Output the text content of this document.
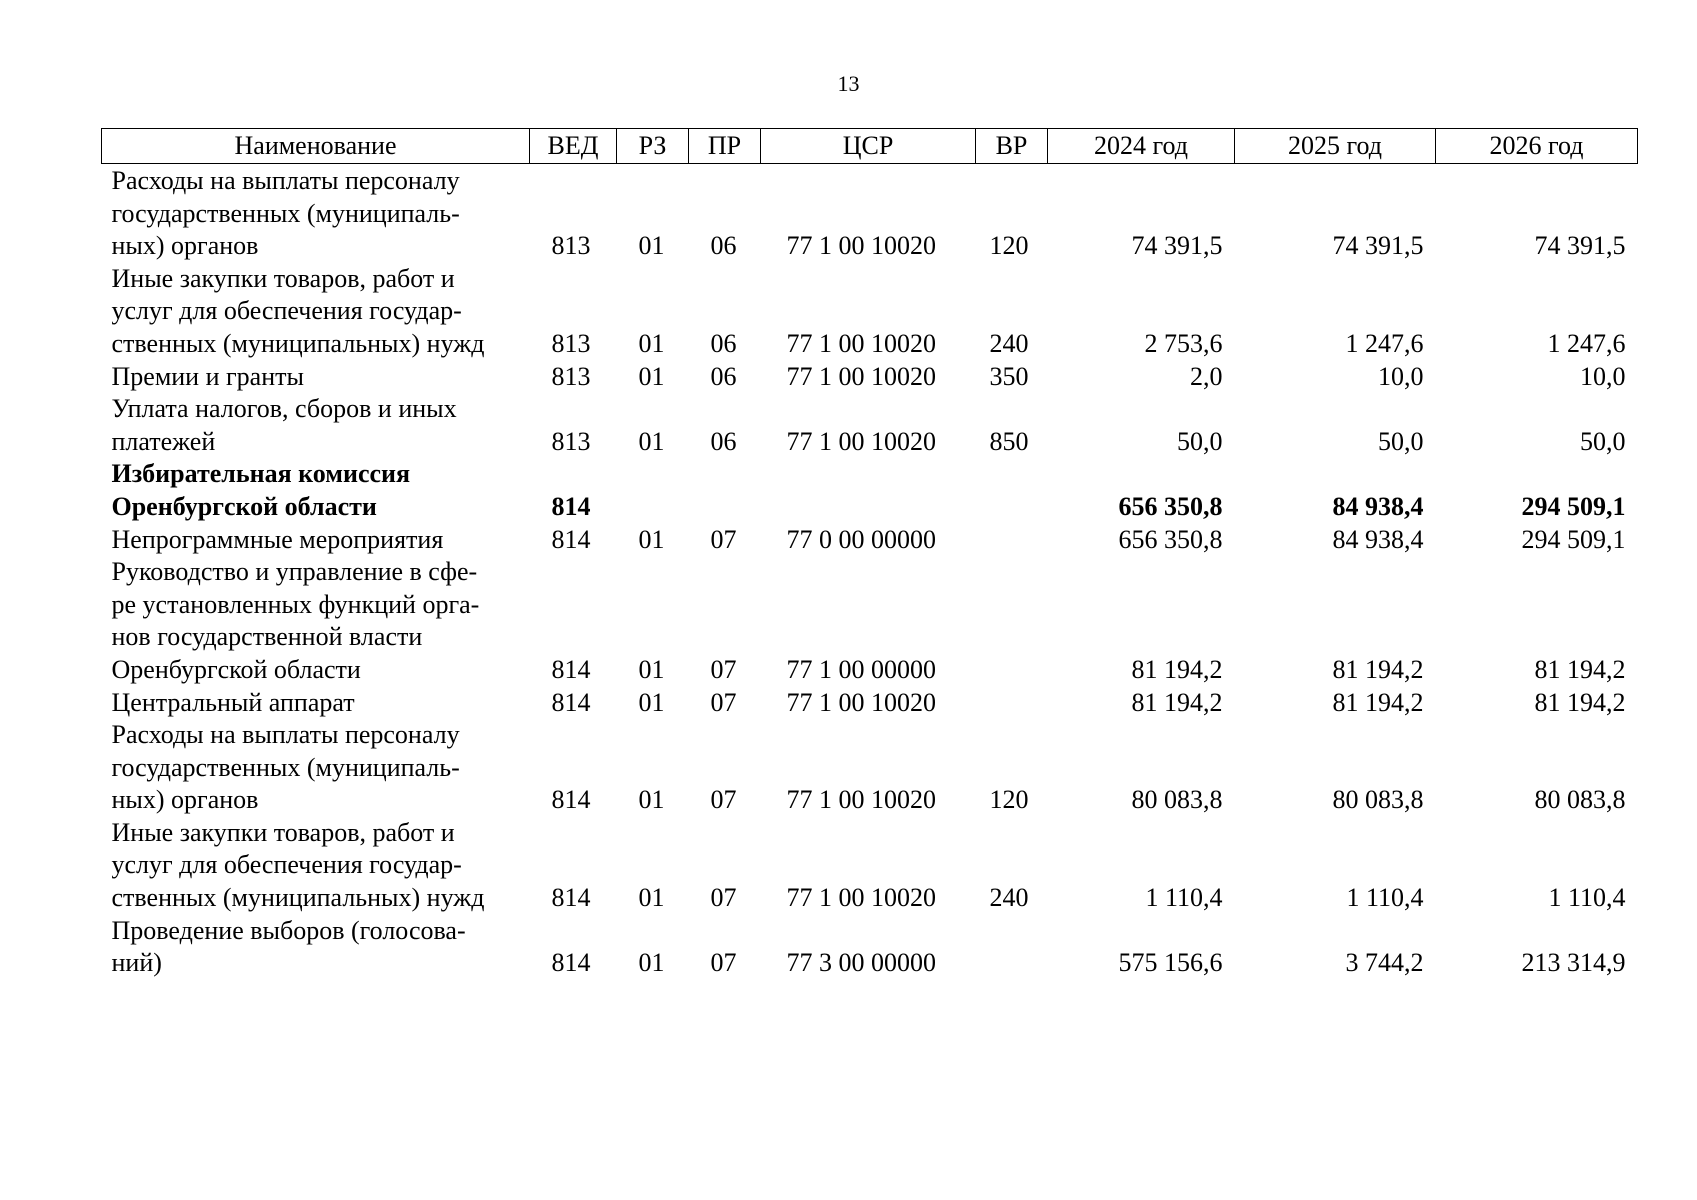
13
Наименование	ВЕД	РЗ	ПР	ЦСР	ВР	2024 год	2025 год	2026 год

Расходы на выплаты персоналу
государственных (муниципаль-
ных) органов	813	01	06	77 1 00 10020	120	74 391,5	74 391,5	74 391,5

Иные закупки товаров, работ и
услуг для обеспечения государ-
ственных (муниципальных) нужд	813	01	06	77 1 00 10020	240	2 753,6	1 247,6	1 247,6

Премии и гранты	813	01	06	77 1 00 10020	350	2,0	10,0	10,0

Уплата налогов, сборов и иных
платежей	813	01	06	77 1 00 10020	850	50,0	50,0	50,0

Избирательная комиссия
Оренбургской области	814					656 350,8	84 938,4	294 509,1

Непрограммные мероприятия	814	01	07	77 0 00 00000		656 350,8	84 938,4	294 509,1

Руководство и управление в сфе-
ре установленных функций орга-
нов государственной власти
Оренбургской области	814	01	07	77 1 00 00000		81 194,2	81 194,2	81 194,2

Центральный аппарат	814	01	07	77 1 00 10020		81 194,2	81 194,2	81 194,2

Расходы на выплаты персоналу
государственных (муниципаль-
ных) органов	814	01	07	77 1 00 10020	120	80 083,8	80 083,8	80 083,8

Иные закупки товаров, работ и
услуг для обеспечения государ-
ственных (муниципальных) нужд	814	01	07	77 1 00 10020	240	1 110,4	1 110,4	1 110,4

Проведение выборов (голосова-
ний)	814	01	07	77 3 00 00000		575 156,6	3 744,2	213 314,9
